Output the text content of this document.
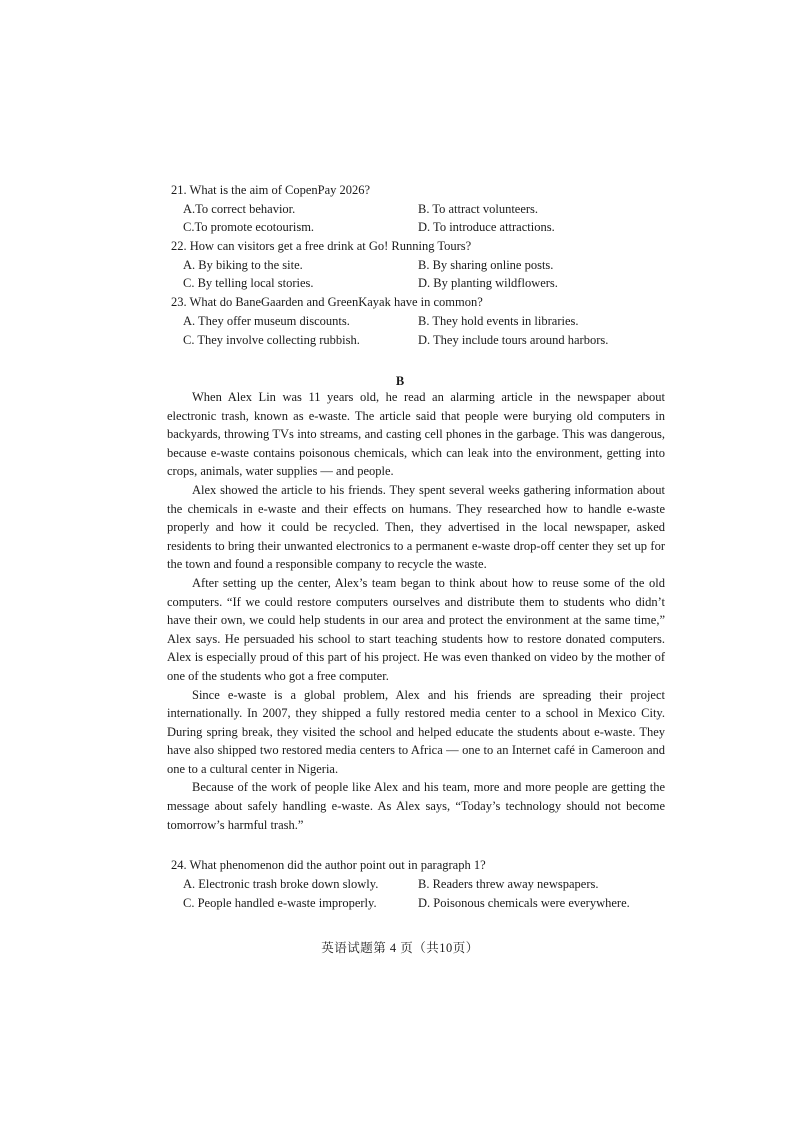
21. What is the aim of CopenPay 2026?
A.To correct behavior.	B. To attract volunteers.
C.To promote ecotourism.	D. To introduce attractions.
22. How can visitors get a free drink at Go! Running Tours?
A. By biking to the site.	B. By sharing online posts.
C. By telling local stories.	D. By planting wildflowers.
23. What do BaneGaarden and GreenKayak have in common?
A. They offer museum discounts.	B. They hold events in libraries.
C. They involve collecting rubbish.	D. They include tours around harbors.
B

When Alex Lin was 11 years old, he read an alarming article in the newspaper about electronic trash, known as e-waste. The article said that people were burying old computers in backyards, throwing TVs into streams, and casting cell phones in the garbage. This was dangerous, because e-waste contains poisonous chemicals, which can leak into the environment, getting into crops, animals, water supplies — and people.

Alex showed the article to his friends. They spent several weeks gathering information about the chemicals in e-waste and their effects on humans. They researched how to handle e-waste properly and how it could be recycled. Then, they advertised in the local newspaper, asked residents to bring their unwanted electronics to a permanent e-waste drop-off center they set up for the town and found a responsible company to recycle the waste.

After setting up the center, Alex’s team began to think about how to reuse some of the old computers. “If we could restore computers ourselves and distribute them to students who didn’t have their own, we could help students in our area and protect the environment at the same time,” Alex says. He persuaded his school to start teaching students how to restore donated computers. Alex is especially proud of this part of his project. He was even thanked on video by the mother of one of the students who got a free computer.

Since e-waste is a global problem, Alex and his friends are spreading their project internationally. In 2007, they shipped a fully restored media center to a school in Mexico City. During spring break, they visited the school and helped educate the students about e-waste. They have also shipped two restored media centers to Africa — one to an Internet café in Cameroon and one to a cultural center in Nigeria.

Because of the work of people like Alex and his team, more and more people are getting the message about safely handling e-waste. As Alex says, “Today’s technology should not become tomorrow’s harmful trash.”

24. What phenomenon did the author point out in paragraph 1?
A. Electronic trash broke down slowly.	B. Readers threw away newspapers.
C. People handled e-waste improperly.	D. Poisonous chemicals were everywhere.
英语试题第 4 页（共10页）
